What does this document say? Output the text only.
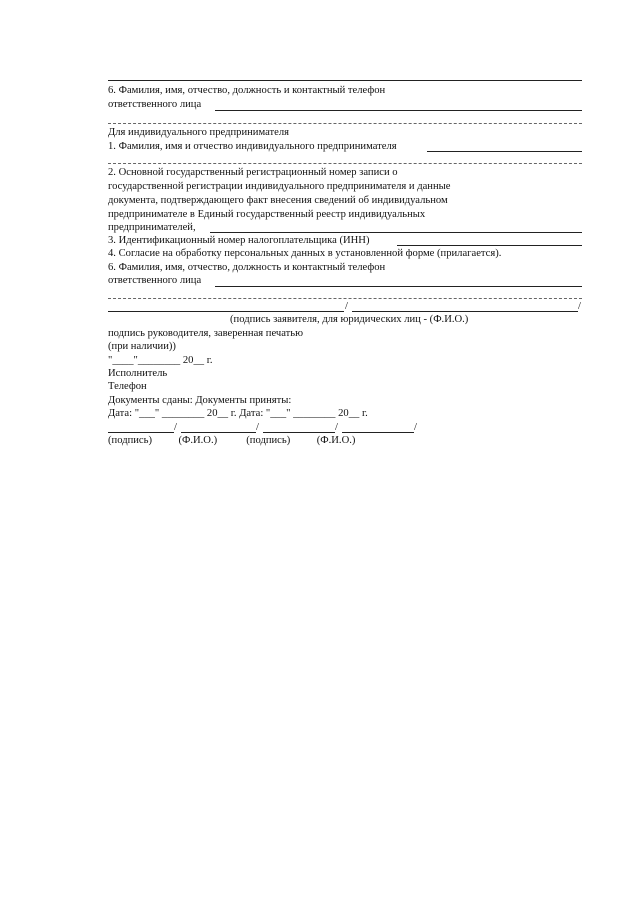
6. Фамилия, имя, отчество, должность и контактный телефон
ответственного лица
Для индивидуального предпринимателя
1. Фамилия, имя и отчество индивидуального предпринимателя
2. Основной государственный регистрационный номер записи о
государственной регистрации индивидуального предпринимателя и данные
документа, подтверждающего факт внесения сведений об индивидуальном
предпринимателе в Единый государственный реестр индивидуальных
предпринимателей,
3. Идентификационный номер налогоплательщика (ИНН)
4. Согласие на обработку персональных данных в установленной форме (прилагается).
6. Фамилия, имя, отчество, должность и контактный телефон
ответственного лица
/	/
(подпись заявителя, для юридических лиц - (Ф.И.О.)
подпись руководителя, заверенная печатью
(при наличии))
"____"________ 20__ г.
Исполнитель
Телефон
Документы сданы: Документы приняты:
Дата: "___" ________ 20__ г. Дата: "___" ________ 20__ г.
/	/	/	/
(подпись)          (Ф.И.О.)           (подпись)          (Ф.И.О.)
